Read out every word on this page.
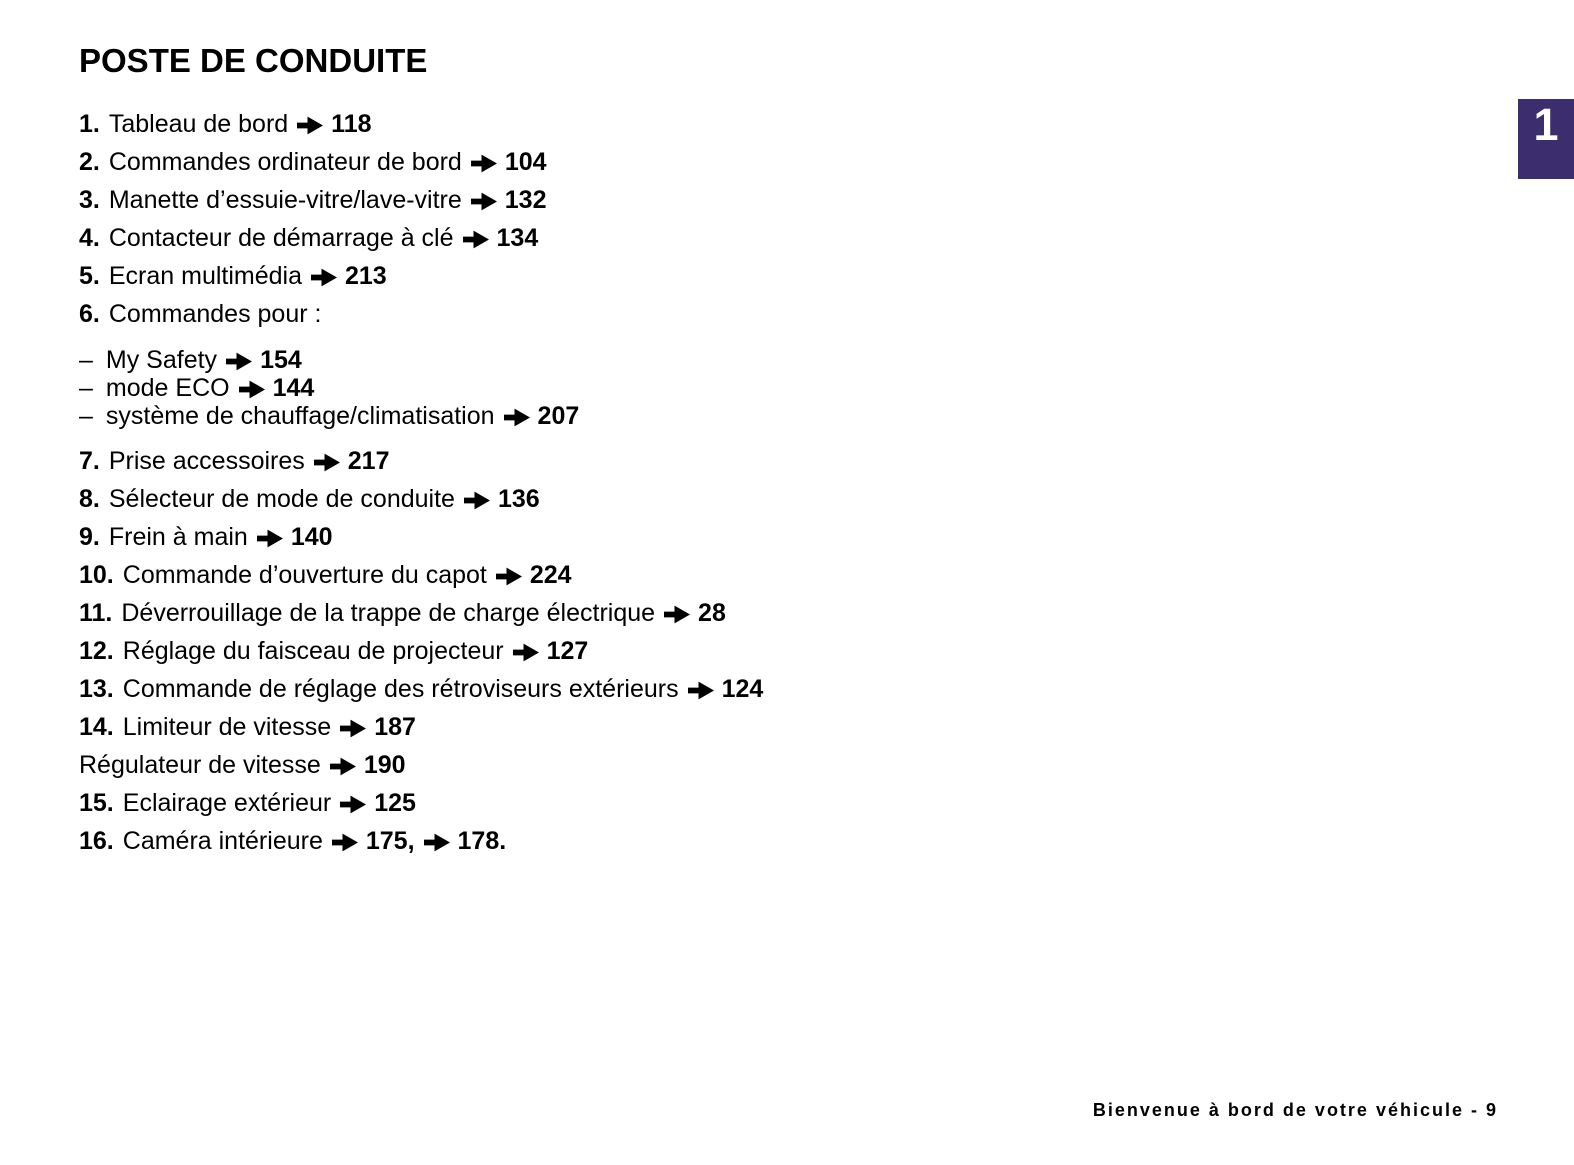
1
POSTE DE CONDUITE
1. Tableau de bord 118
2. Commandes ordinateur de bord 104
3. Manette d’essuie-vitre/lave-vitre 132
4. Contacteur de démarrage à clé 134
5. Ecran multimédia 213
6. Commandes pour :
– My Safety 154
– mode ECO 144
– système de chauffage/climatisation 207
7. Prise accessoires 217
8. Sélecteur de mode de conduite 136
9. Frein à main 140
10. Commande d’ouverture du capot 224
11. Déverrouillage de la trappe de charge électrique 28
12. Réglage du faisceau de projecteur 127
13. Commande de réglage des rétroviseurs extérieurs 124
14. Limiteur de vitesse 187
Régulateur de vitesse 190
15. Eclairage extérieur 125
16. Caméra intérieure 175, 178.
Bienvenue à bord de votre véhicule - 9
